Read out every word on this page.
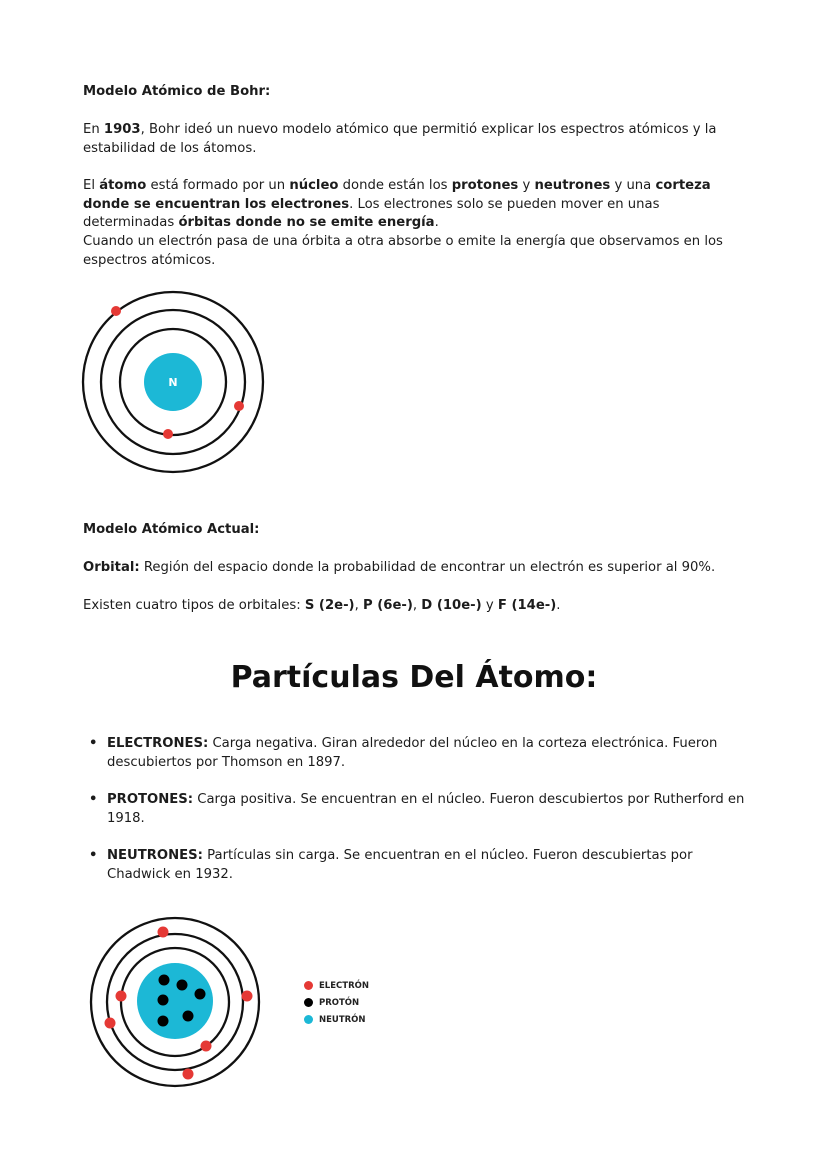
Modelo Atómico de Bohr:
En 1903, Bohr ideó un nuevo modelo atómico que permitió explicar los espectros atómicos y la estabilidad de los átomos.
El átomo está formado por un núcleo donde están los protones y neutrones y una corteza donde se encuentran los electrones. Los electrones solo se pueden mover en unas determinadas órbitas donde no se emite energía.
Cuando un electrón pasa de una órbita a otra absorbe o emite la energía que observamos en los espectros atómicos.
N
Modelo Atómico Actual:
Orbital: Región del espacio donde la probabilidad de encontrar un electrón es superior al 90%.
Existen cuatro tipos de orbitales: S (2e-), P (6e-), D (10e-) y F (14e-).
Partículas Del Átomo:
• ELECTRONES: Carga negativa. Giran alrededor del núcleo en la corteza electrónica. Fueron descubiertos por Thomson en 1897.
• PROTONES: Carga positiva. Se encuentran en el núcleo. Fueron descubiertos por Rutherford en 1918.
• NEUTRONES: Partículas sin carga. Se encuentran en el núcleo. Fueron descubiertas por Chadwick en 1932.
ELECTRÓN
PROTÓN
NEUTRÓN
